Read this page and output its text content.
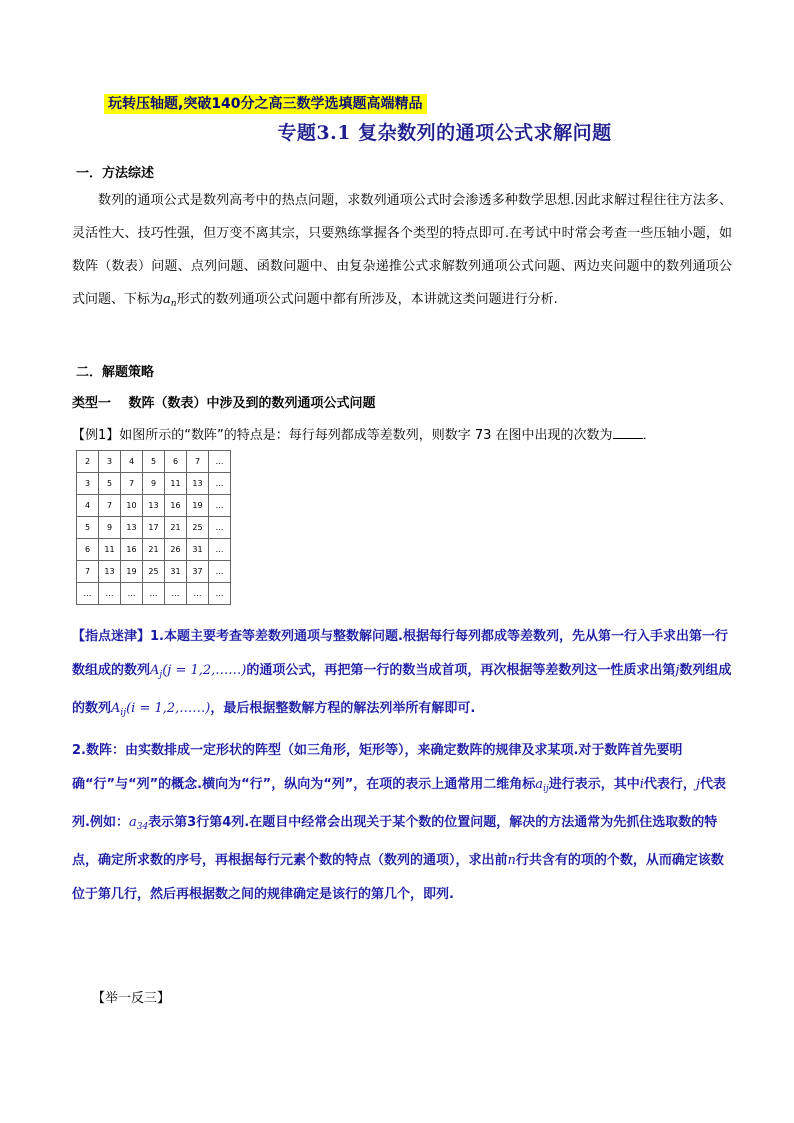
玩转压轴题,突破140分之高三数学选填题高端精品
专题3.1 复杂数列的通项公式求解问题
一．方法综述

数列的通项公式是数列高考中的热点问题，求数列通项公式时会渗透多种数学思想.因此求解过程往往方法多、灵活性大、技巧性强，但万变不离其宗，只要熟练掌握各个类型的特点即可.在考试中时常会考查一些压轴小题，如数阵（数表）问题、点列问题、函数问题中、由复杂递推公式求解数列通项公式问题、两边夹问题中的数列通项公式问题、下标为$a_n$形式的数列通项公式问题中都有所涉及，本讲就这类问题进行分析.

二．解题策略
类型一　 数阵（数表）中涉及到的数列通项公式问题
【例1】如图所示的“数阵”的特点是：每行每列都成等差数列，则数字 73 在图中出现的次数为 ．
2	3	4	5	6	7	…
3	5	7	9	11	13	…
4	7	10	13	16	19	…
5	9	13	17	21	25	…
6	11	16	21	26	31	…
7	13	19	25	31	37	…
…	…	…	…	…	…	…

【指点迷津】1.本题主要考查等差数列通项与整数解问题.根据每行每列都成等差数列，先从第一行入手求出第一行数组成的数列$A_j(j$ = 1,2,……)的通项公式，再把第一行的数当成首项，再次根据等差数列这一性质求出第j数列组成的数列$A_{ij}(i$ = 1,2,……)，最后根据整数解方程的解法列举所有解即可.

2.数阵：由实数排成一定形状的阵型（如三角形，矩形等），来确定数阵的规律及求某项.对于数阵首先要明确“行”与“列”的概念.横向为“行”，纵向为“列”，在项的表示上通常用二维角标$a_{ij}$进行表示，其中i代表行，j代表列.例如：$a_{34}$表示第3行第4列.在题目中经常会出现关于某个数的位置问题，解决的方法通常为先抓住选取数的特点，确定所求数的序号，再根据每行元素个数的特点（数列的通项），求出前n行共含有的项的个数，从而确定该数位于第几行，然后再根据数之间的规律确定是该行的第几个，即列.

【举一反三】
